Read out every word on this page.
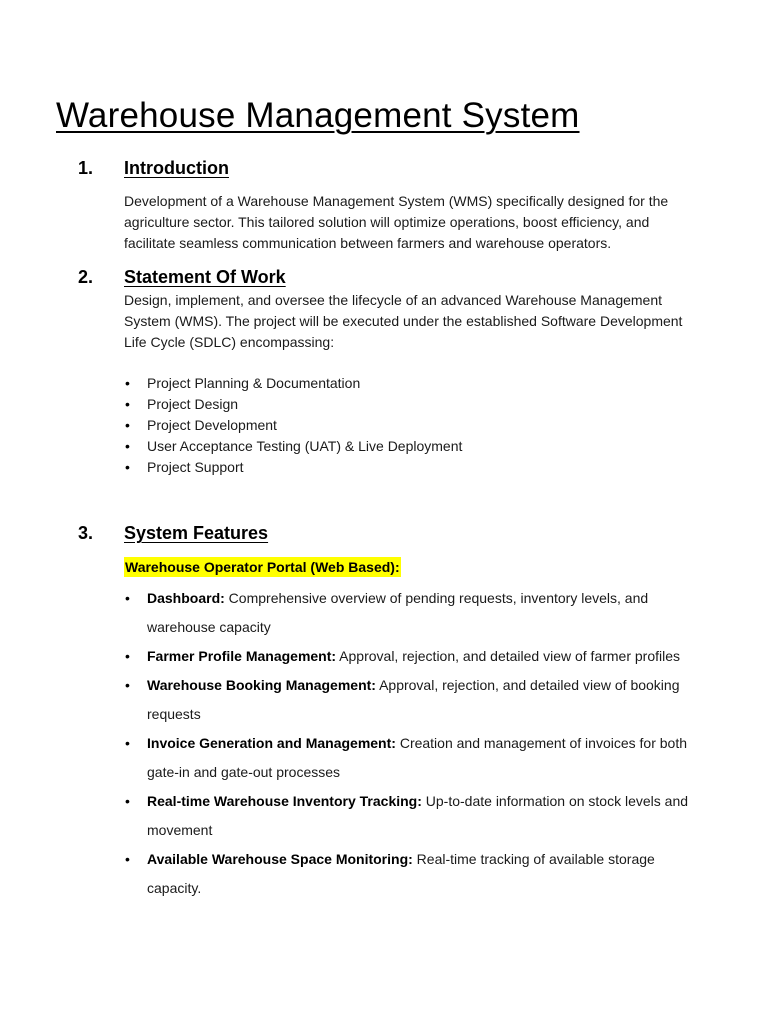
Warehouse Management System
1. Introduction

Development of a Warehouse Management System (WMS) specifically designed for the agriculture sector. This tailored solution will optimize operations, boost efficiency, and facilitate seamless communication between farmers and warehouse operators.

2. Statement Of Work

Design, implement, and oversee the lifecycle of an advanced Warehouse Management System (WMS). The project will be executed under the established Software Development Life Cycle (SDLC) encompassing:

• Project Planning & Documentation
• Project Design
• Project Development
• User Acceptance Testing (UAT) & Live Deployment
• Project Support
3. System Features
Warehouse Operator Portal (Web Based):
• Dashboard: Comprehensive overview of pending requests, inventory levels, and warehouse capacity
• Farmer Profile Management: Approval, rejection, and detailed view of farmer profiles
• Warehouse Booking Management: Approval, rejection, and detailed view of booking requests
• Invoice Generation and Management: Creation and management of invoices for both gate-in and gate-out processes
• Real-time Warehouse Inventory Tracking: Up-to-date information on stock levels and movement
• Available Warehouse Space Monitoring: Real-time tracking of available storage capacity.
